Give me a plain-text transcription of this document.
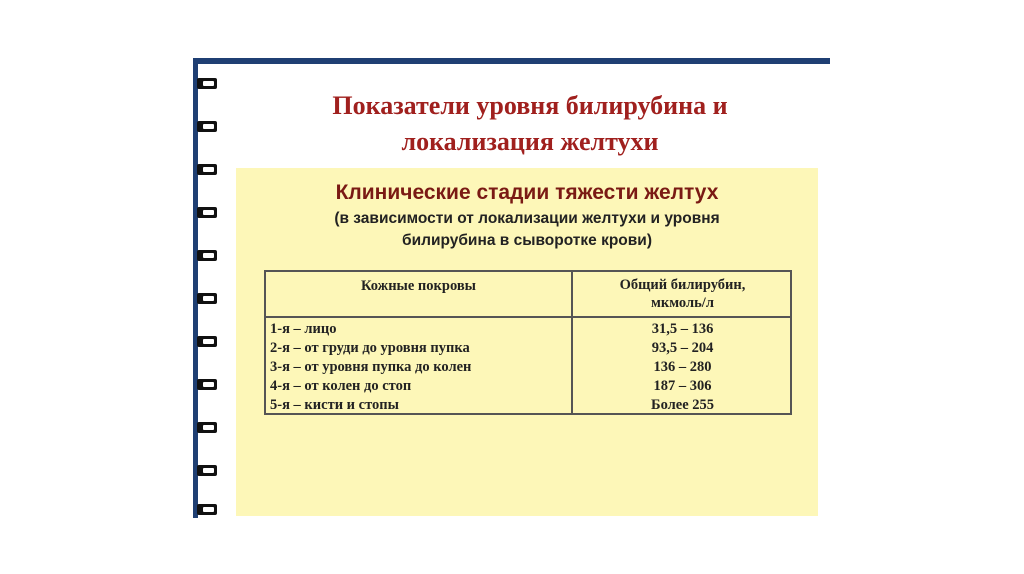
Показатели уровня билирубина и
локализация желтухи
Клинические стадии тяжести желтух
(в зависимости от локализации желтухи и уровня
билирубина в сыворотке крови)
Кожные покровы	Общий билирубин,
мкмоль/л
1-я – лицо
2-я – от груди до уровня пупка
3-я – от уровня пупка до колен
4-я – от колен до стоп
5-я – кисти и стопы
31,5 – 136
93,5 – 204
136 – 280
187 – 306
Более 255
